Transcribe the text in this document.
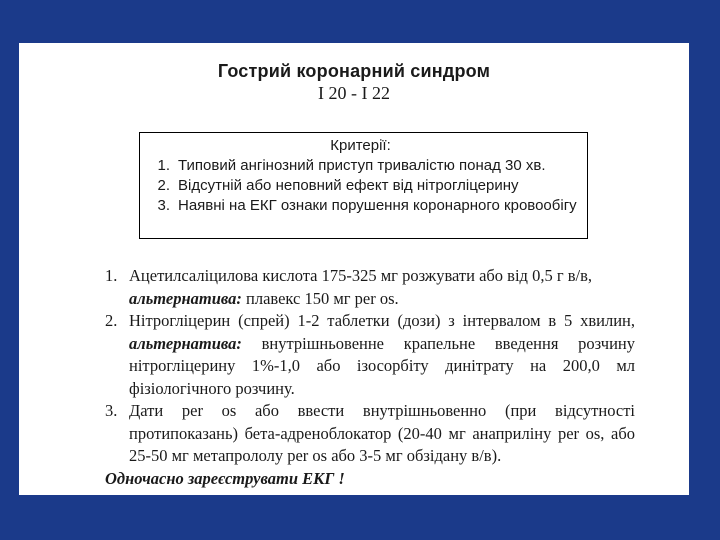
Гострий коронарний синдром
I 20 - I 22
Критерії:
1. Типовий ангінозний приступ тривалістю понад 30 хв.
2. Відсутній або неповний ефект від нітрогліцерину
3. Наявні на ЕКГ ознаки порушення коронарного кровообігу
1. Ацетилсаліцилова кислота 175-325 мг розжувати або від 0,5 г в/в,
альтернатива: плавекс 150 мг per os.
2. Нітрогліцерин (спрей) 1-2 таблетки (дози) з інтервалом в 5 хвилин, альтернатива: внутрішньовенне крапельне введення розчину нітрогліцерину 1%-1,0 або ізосорбіту динітрату на 200,0 мл фізіологічного розчину.
3. Дати per os або ввести внутрішньовенно (при відсутності протипоказань) бета-адреноблокатор (20-40 мг анаприліну per os, або 25-50 мг метапрололу per os або 3-5 мг обзідану в/в).
Одночасно зареєструвати ЕКГ !
